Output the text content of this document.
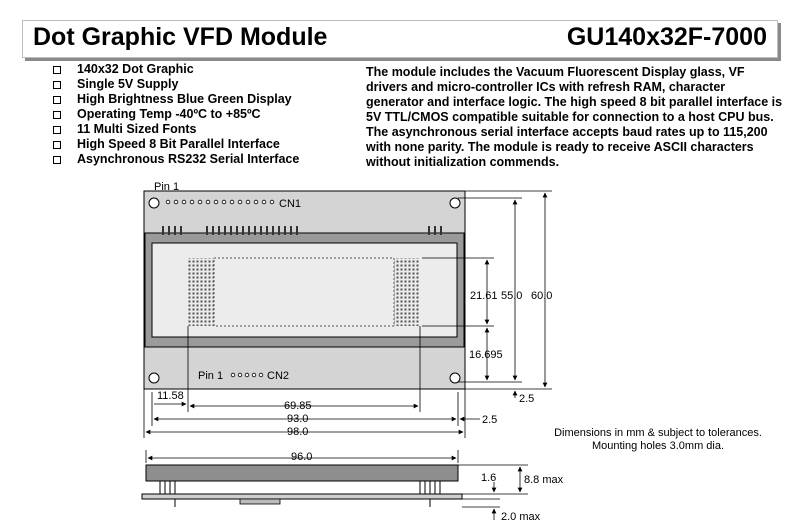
Dot Graphic VFD Module	GU140x32F-7000
140x32 Dot Graphic
Single 5V Supply
High Brightness Blue Green Display
Operating Temp -40ºC to +85ºC
11 Multi Sized Fonts
High Speed 8 Bit Parallel Interface
Asynchronous RS232 Serial Interface

The module includes the Vacuum Fluorescent Display glass, VF drivers and micro-controller ICs with refresh RAM, character generator and interface logic. The high speed 8 bit parallel interface is 5V TTL/CMOS compatible suitable for connection to a host CPU bus. The asynchronous serial interface accepts baud rates up to 115,200 with none parity. The module is ready to receive ASCII characters without initialization commends.

Pin 1
CN1
Pin 1	CN2
21.61 55.0 60.0
16.695
2.5
11.58
69.85
93.0
98.0
2.5
96.0
1.6	8.8 max
2.0 max
Dimensions in mm & subject to tolerances.
Mounting holes 3.0mm dia.
